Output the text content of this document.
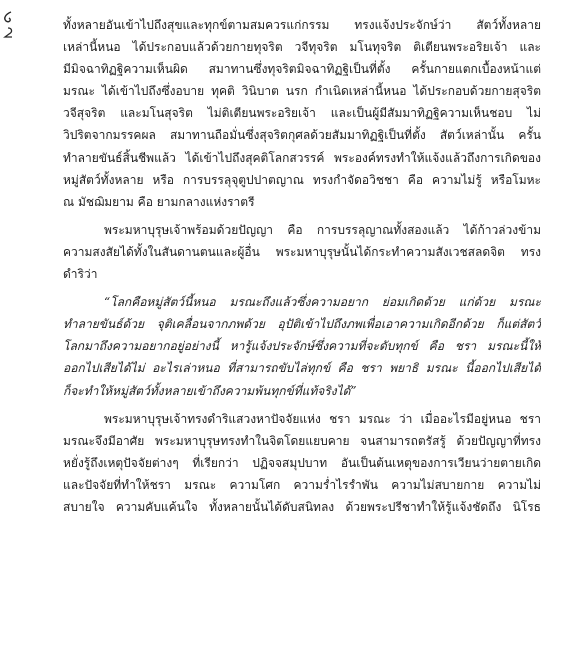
ทั้งหลายอันเข้าไปถึงสุขและทุกข์ตามสมควรแก่กรรม ทรงแจ้งประจักษ์ว่า สัตว์ทั้งหลาย
เหล่านี้หนอ ได้ประกอบแล้วด้วยกายทุจริต วจีทุจริต มโนทุจริต ติเตียนพระอริยเจ้า และ
มีมิจฉาทิฏฐิความเห็นผิด สมาทานซึ่งทุจริตมิจฉาทิฏฐิเป็นที่ตั้ง ครั้นกายแตกเบื้องหน้าแต่
มรณะ ได้เข้าไปถึงซึ่งอบาย ทุคติ วินิบาต นรก กำเนิดเหล่านี้หนอ ได้ประกอบด้วยกายสุจริต
วจีสุจริต และมโนสุจริต ไม่ติเตียนพระอริยเจ้า และเป็นผู้มีสัมมาทิฏฐิความเห็นชอบ ไม่
วิปริตจากมรรคผล สมาทานถือมั่นซึ่งสุจริตกุศลด้วยสัมมาทิฏฐิเป็นที่ตั้ง สัตว์เหล่านั้น ครั้น
ทำลายขันธ์สิ้นชีพแล้ว ได้เข้าไปถึงสุคติโลกสวรรค์ พระองค์ทรงทำให้แจ้งแล้วถึงการเกิดของ
หมู่สัตว์ทั้งหลาย หรือ การบรรลุจุตูปปาตญาณ ทรงกำจัดอวิชชา คือ ความไม่รู้ หรือโมหะ
ณ มัชฌิมยาม คือ ยามกลางแห่งราตรี
พระมหาบุรุษเจ้าพร้อมด้วยปัญญา คือ การบรรลุญาณทั้งสองแล้ว ได้ก้าวล่วงข้าม
ความสงสัยได้ทั้งในสันดานตนและผู้อื่น พระมหาบุรุษนั้นได้กระทำความสังเวชสลดจิต ทรง
ดำริว่า
“โลกคือหมู่สัตว์นี้หนอ มรณะถึงแล้วซึ่งความอยาก ย่อมเกิดด้วย แก่ด้วย มรณะ
ทำลายขันธ์ด้วย จุติเคลื่อนจากภพด้วย อุปัติเข้าไปถึงภพเพื่อเอาความเกิดอีกด้วย ก็แต่สัตว์
โลกมาถึงความอยากอยู่อย่างนี้ หารู้แจ้งประจักษ์ซึ่งความที่จะดับทุกข์ คือ ชรา มรณะนี้ให้
ออกไปเสียได้ไม่ อะไรเล่าหนอ ที่สามารถขับไล่ทุกข์ คือ ชรา พยาธิ มรณะ นี้ออกไปเสียได้
ก็จะทำให้หมู่สัตว์ทั้งหลายเข้าถึงความพ้นทุกข์ที่แท้จริงได้”
พระมหาบุรุษเจ้าทรงดำริแสวงหาปัจจัยแห่ง ชรา มรณะ ว่า เมื่ออะไรมีอยู่หนอ ชรา
มรณะจึงมีอาศัย พระมหาบุรุษทรงทำในจิตโดยแยบคาย จนสามารถตรัสรู้ ด้วยปัญญาที่ทรง
หยั่งรู้ถึงเหตุปัจจัยต่างๆ ที่เรียกว่า ปฏิจจสมุปบาท อันเป็นต้นเหตุของการเวียนว่ายตายเกิด
และปัจจัยที่ทำให้ชรา มรณะ ความโศก ความร่ำไรรำพัน ความไม่สบายกาย ความไม่
สบายใจ ความคับแค้นใจ ทั้งหลายนั้นได้ดับสนิทลง ด้วยพระปรีชาทำให้รู้แจ้งชัดถึง นิโรธ
